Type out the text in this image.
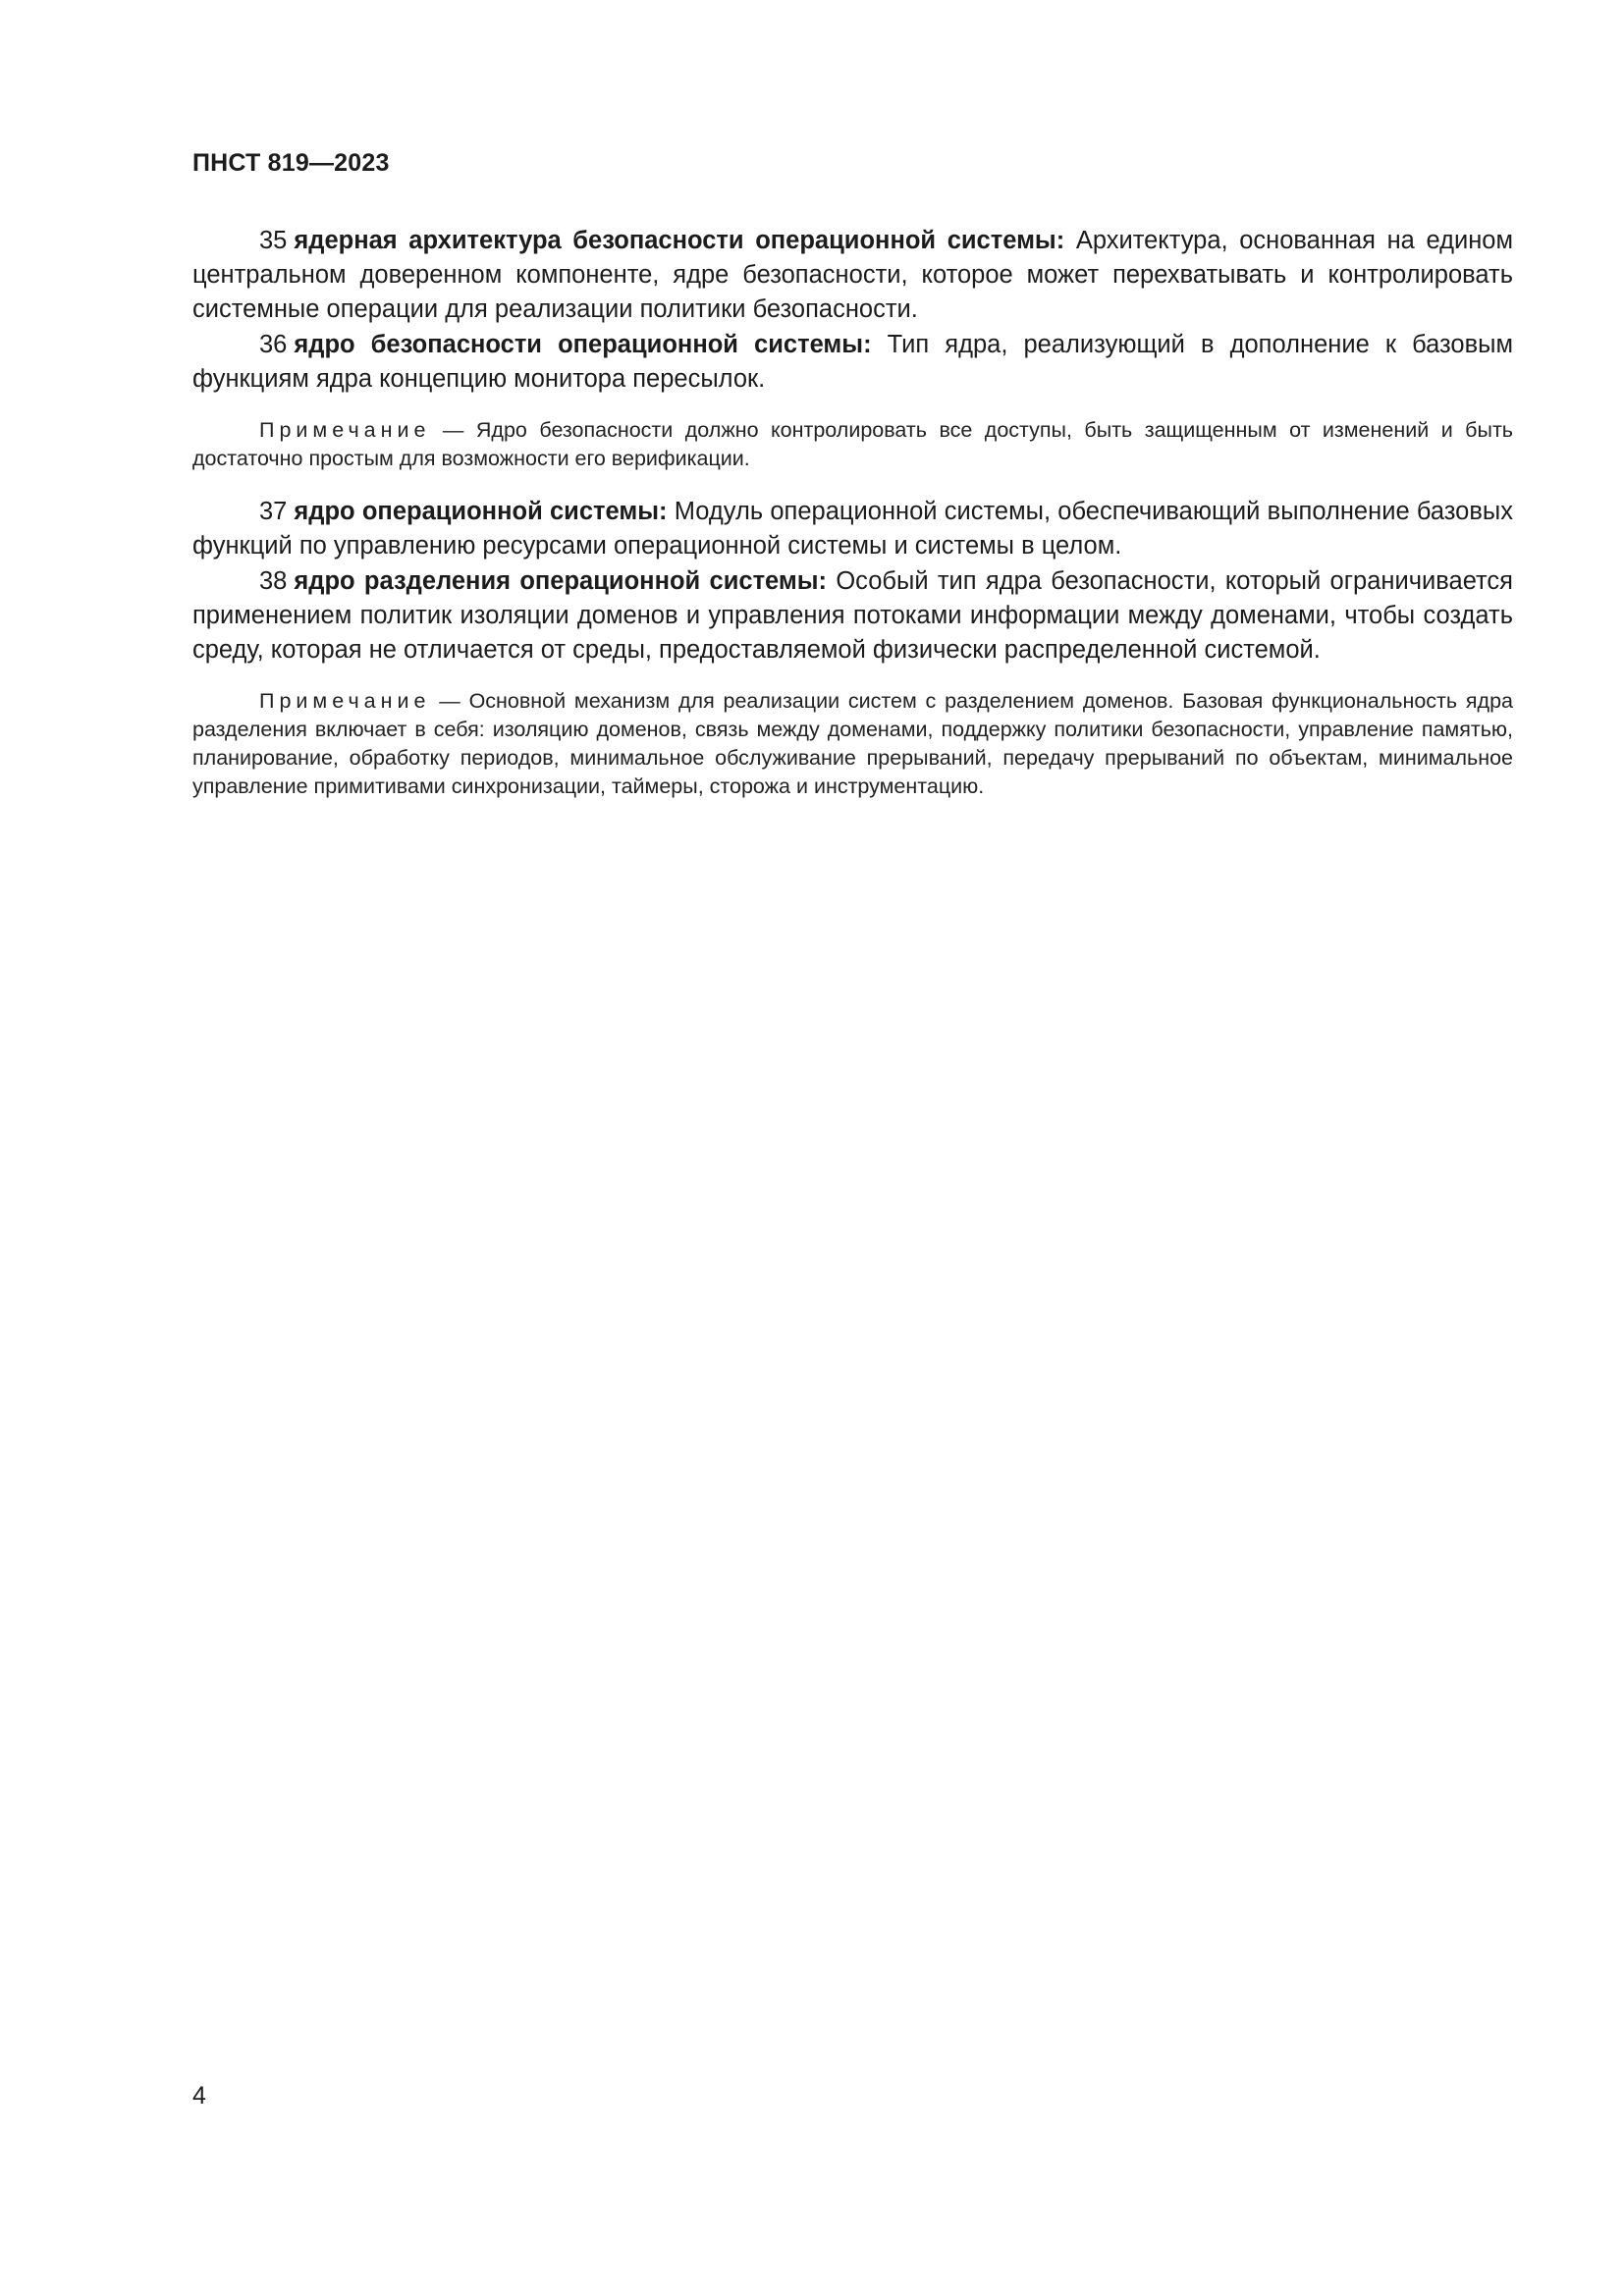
ПНСТ 819—2023

35 ядерная архитектура безопасности операционной системы: Архитектура, основанная на едином центральном доверенном компоненте, ядре безопасности, которое может перехватывать и контролировать системные операции для реализации политики безопасности.

36 ядро безопасности операционной системы: Тип ядра, реализующий в дополнение к базовым функциям ядра концепцию монитора пересылок.

Примечание — Ядро безопасности должно контролировать все доступы, быть защищенным от изменений и быть достаточно простым для возможности его верификации.

37 ядро операционной системы: Модуль операционной системы, обеспечивающий выполнение базовых функций по управлению ресурсами операционной системы и системы в целом.

38 ядро разделения операционной системы: Особый тип ядра безопасности, который ограничивается применением политик изоляции доменов и управления потоками информации между доменами, чтобы создать среду, которая не отличается от среды, предоставляемой физически распределенной системой.

Примечание — Основной механизм для реализации систем с разделением доменов. Базовая функциональность ядра разделения включает в себя: изоляцию доменов, связь между доменами, поддержку политики безопасности, управление памятью, планирование, обработку периодов, минимальное обслуживание прерываний, передачу прерываний по объектам, минимальное управление примитивами синхронизации, таймеры, сторожа и инструментацию.

4
